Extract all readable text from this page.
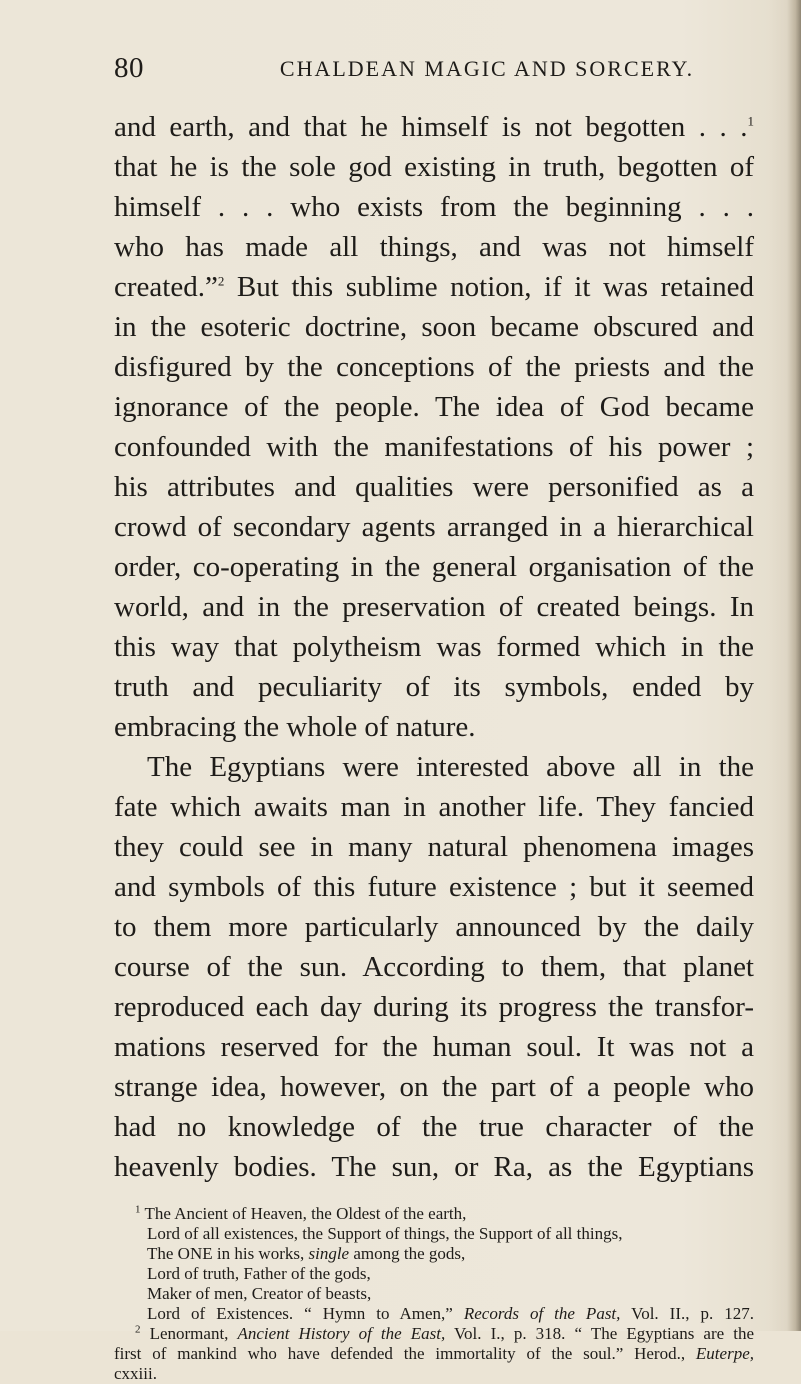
80	CHALDEAN MAGIC AND SORCERY.
and earth, and that he himself is not begotten . . .$^1$
that he is the sole god existing in truth, begotten of
himself . . . who exists from the beginning . . .
who has made all things, and was not himself
created.”$^2$ But this sublime notion, if it was retained
in the esoteric doctrine, soon became obscured and
disfigured by the conceptions of the priests and the
ignorance of the people. The idea of God became
confounded with the manifestations of his power ;
his attributes and qualities were personified as a
crowd of secondary agents arranged in a hierarchical
order, co-operating in the general organisation of the
world, and in the preservation of created beings. In
this way that polytheism was formed which in the
truth and peculiarity of its symbols, ended by
embracing the whole of nature.
The Egyptians were interested above all in the
fate which awaits man in another life. They fancied
they could see in many natural phenomena images
and symbols of this future existence ; but it seemed
to them more particularly announced by the daily
course of the sun. According to them, that planet
reproduced each day during its progress the transfor-
mations reserved for the human soul. It was not a
strange idea, however, on the part of a people who
had no knowledge of the true character of the
heavenly bodies. The sun, or Ra, as the Egyptians
$^1$ The Ancient of Heaven, the Oldest of the earth,
Lord of all existences, the Support of things, the Support of all things,
The ONE in his works, single among the gods,
Lord of truth, Father of the gods,
Maker of men, Creator of beasts,
Lord of Existences. “ Hymn to Amen,” Records of the Past, Vol. II., p. 127.
$^2$ Lenormant, Ancient History of the East, Vol. I., p. 318. “ The Egyptians are the
first of mankind who have defended the immortality of the soul.” Herod., Euterpe,
cxxiii.
